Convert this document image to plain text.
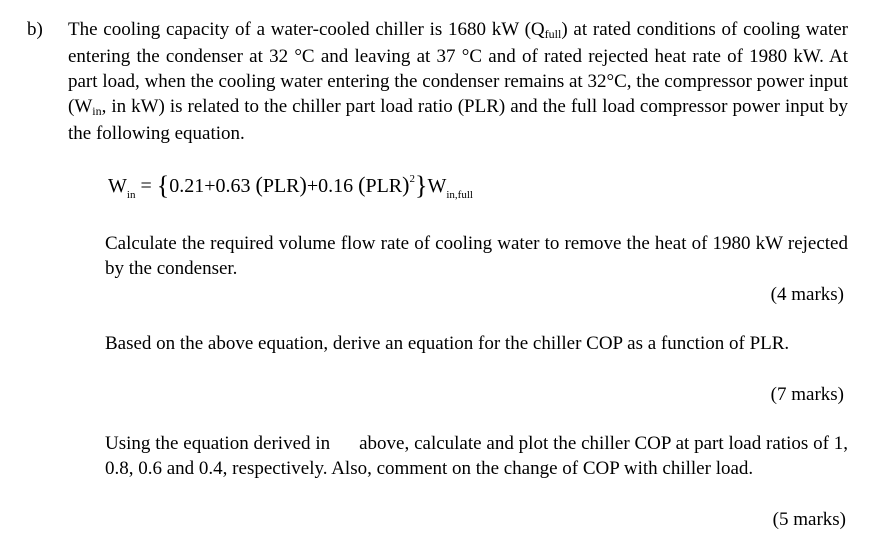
b) The cooling capacity of a water-cooled chiller is 1680 kW (Qfull) at rated conditions of cooling water entering the condenser at 32 °C and leaving at 37 °C and of rated rejected heat rate of 1980 kW. At part load, when the cooling water entering the condenser remains at 32°C, the compressor power input (Win, in kW) is related to the chiller part load ratio (PLR) and the full load compressor power input by the following equation.

$W_{in} = \{0.21+0.63$ (PLR)+0.16 $(PLR)^2\}W_{in,full}$

Calculate the required volume flow rate of cooling water to remove the heat of 1980 kW rejected by the condenser.

(4 marks)

Based on the above equation, derive an equation for the chiller COP as a function of PLR.

(7 marks)

Using the equation derived in      above, calculate and plot the chiller COP at part load ratios of 1, 0.8, 0.6 and 0.4, respectively. Also, comment on the change of COP with chiller load.

(5 marks)
